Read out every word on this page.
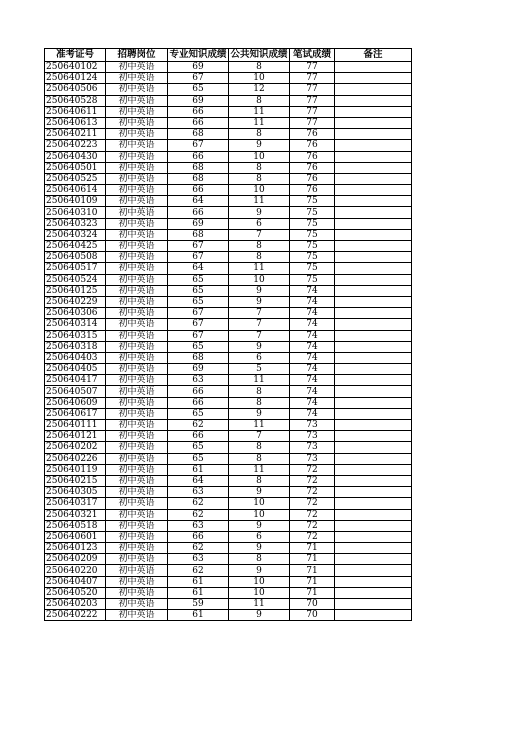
准考证号	招聘岗位	专业知识成绩	公共知识成绩	笔试成绩	备注
250640102	初中英语	69	8	77	
250640124	初中英语	67	10	77	
250640506	初中英语	65	12	77	
250640528	初中英语	69	8	77	
250640611	初中英语	66	11	77	
250640613	初中英语	66	11	77	
250640211	初中英语	68	8	76	
250640223	初中英语	67	9	76	
250640430	初中英语	66	10	76	
250640501	初中英语	68	8	76	
250640525	初中英语	68	8	76	
250640614	初中英语	66	10	76	
250640109	初中英语	64	11	75	
250640310	初中英语	66	9	75	
250640323	初中英语	69	6	75	
250640324	初中英语	68	7	75	
250640425	初中英语	67	8	75	
250640508	初中英语	67	8	75	
250640517	初中英语	64	11	75	
250640524	初中英语	65	10	75	
250640125	初中英语	65	9	74	
250640229	初中英语	65	9	74	
250640306	初中英语	67	7	74	
250640314	初中英语	67	7	74	
250640315	初中英语	67	7	74	
250640318	初中英语	65	9	74	
250640403	初中英语	68	6	74	
250640405	初中英语	69	5	74	
250640417	初中英语	63	11	74	
250640507	初中英语	66	8	74	
250640609	初中英语	66	8	74	
250640617	初中英语	65	9	74	
250640111	初中英语	62	11	73	
250640121	初中英语	66	7	73	
250640202	初中英语	65	8	73	
250640226	初中英语	65	8	73	
250640119	初中英语	61	11	72	
250640215	初中英语	64	8	72	
250640305	初中英语	63	9	72	
250640317	初中英语	62	10	72	
250640321	初中英语	62	10	72	
250640518	初中英语	63	9	72	
250640601	初中英语	66	6	72	
250640123	初中英语	62	9	71	
250640209	初中英语	63	8	71	
250640220	初中英语	62	9	71	
250640407	初中英语	61	10	71	
250640520	初中英语	61	10	71	
250640203	初中英语	59	11	70	
250640222	初中英语	61	9	70	
